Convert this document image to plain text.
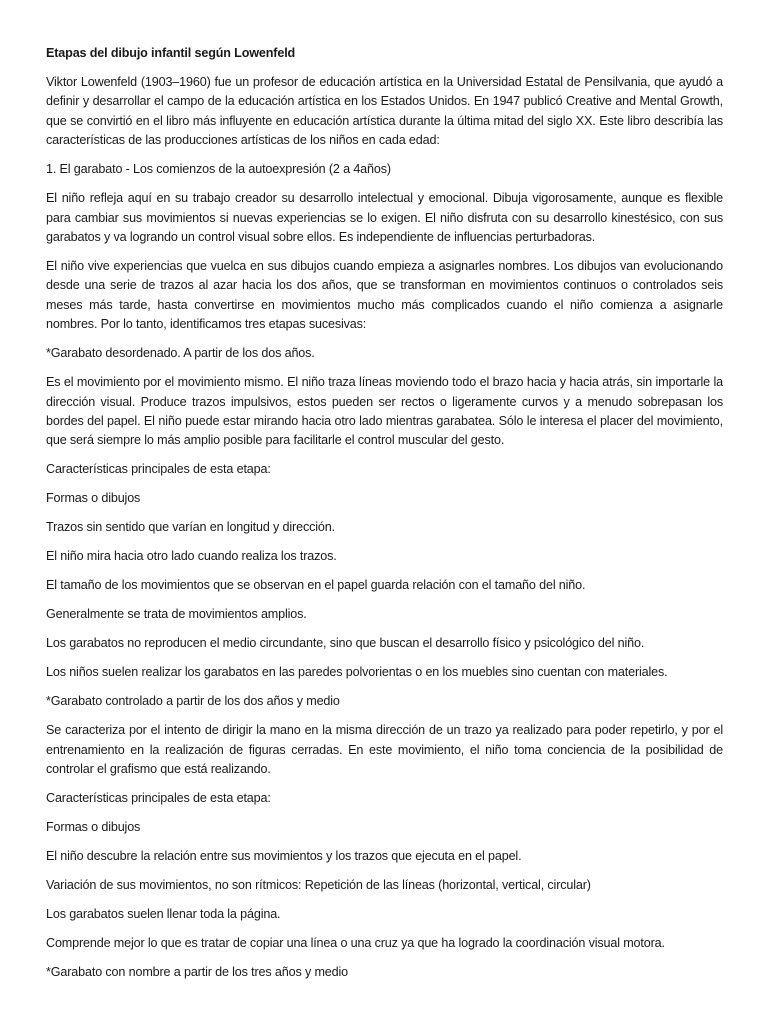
Etapas del dibujo infantil según Lowenfeld

Viktor Lowenfeld (1903–1960) fue un profesor de educación artística en la Universidad Estatal de Pensilvania, que ayudó a definir y desarrollar el campo de la educación artística en los Estados Unidos. En 1947 publicó Creative and Mental Growth, que se convirtió en el libro más influyente en educación artística durante la última mitad del siglo XX. Este libro describía las características de las producciones artísticas de los niños en cada edad:

1. El garabato - Los comienzos de la autoexpresión (2 a 4años)

El niño refleja aquí en su trabajo creador su desarrollo intelectual y emocional. Dibuja vigorosamente, aunque es flexible para cambiar sus movimientos si nuevas experiencias se lo exigen. El niño disfruta con su desarrollo kinestésico, con sus garabatos y va logrando un control visual sobre ellos. Es independiente de influencias perturbadoras.

El niño vive experiencias que vuelca en sus dibujos cuando empieza a asignarles nombres. Los dibujos van evolucionando desde una serie de trazos al azar hacia los dos años, que se transforman en movimientos continuos o controlados seis meses más tarde, hasta convertirse en movimientos mucho más complicados cuando el niño comienza a asignarle nombres. Por lo tanto, identificamos tres etapas sucesivas:

*Garabato desordenado. A partir de los dos años.

Es el movimiento por el movimiento mismo. El niño traza líneas moviendo todo el brazo hacia y hacia atrás, sin importarle la dirección visual. Produce trazos impulsivos, estos pueden ser rectos o ligeramente curvos y a menudo sobrepasan los bordes del papel. El niño puede estar mirando hacia otro lado mientras garabatea. Sólo le interesa el placer del movimiento, que será siempre lo más amplio posible para facilitarle el control muscular del gesto.

Características principales de esta etapa:

Formas o dibujos

Trazos sin sentido que varían en longitud y dirección.

El niño mira hacia otro lado cuando realiza los trazos.

El tamaño de los movimientos que se observan en el papel guarda relación con el tamaño del niño.

Generalmente se trata de movimientos amplios.

Los garabatos no reproducen el medio circundante, sino que buscan el desarrollo físico y psicológico del niño.

Los niños suelen realizar los garabatos en las paredes polvorientas o en los muebles sino cuentan con materiales.

*Garabato controlado a partir de los dos años y medio

Se caracteriza por el intento de dirigir la mano en la misma dirección de un trazo ya realizado para poder repetirlo, y por el entrenamiento en la realización de figuras cerradas. En este movimiento, el niño toma conciencia de la posibilidad de controlar el grafismo que está realizando.

Características principales de esta etapa:

Formas o dibujos

El niño descubre la relación entre sus movimientos y los trazos que ejecuta en el papel.

Variación de sus movimientos, no son rítmicos: Repetición de las líneas (horizontal, vertical, circular)

Los garabatos suelen llenar toda la página.

Comprende mejor lo que es tratar de copiar una línea o una cruz ya que ha logrado la coordinación visual motora.

*Garabato con nombre a partir de los tres años y medio
